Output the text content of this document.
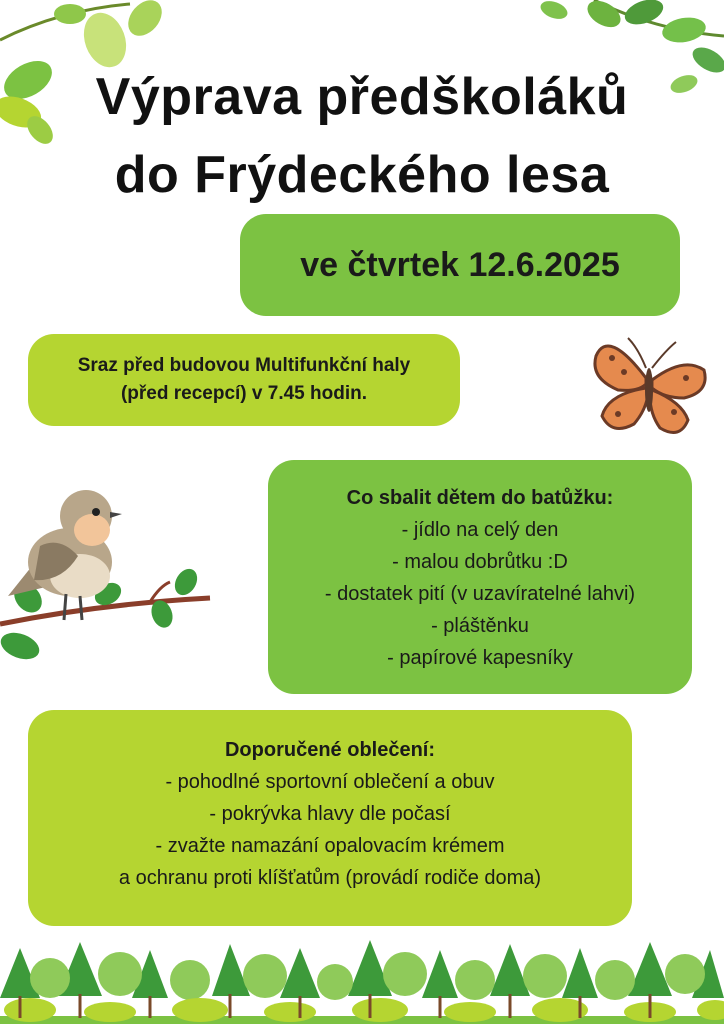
Výprava předškoláků
do Frýdeckého lesa
ve čtvrtek 12.6.2025
Sraz před budovou Multifunkční haly
(před recepcí) v 7.45 hodin.
Co sbalit dětem do batůžku:
- jídlo na celý den
- malou dobrůtku :D
- dostatek pití (v uzavíratelné lahvi)
- pláštěnku
- papírové kapesníky
Doporučené oblečení:
- pohodlné sportovní oblečení a obuv
- pokrývka hlavy dle počasí
- zvažte namazání opalovacím krémem
a ochranu proti klíšťatům (provádí rodiče doma)
